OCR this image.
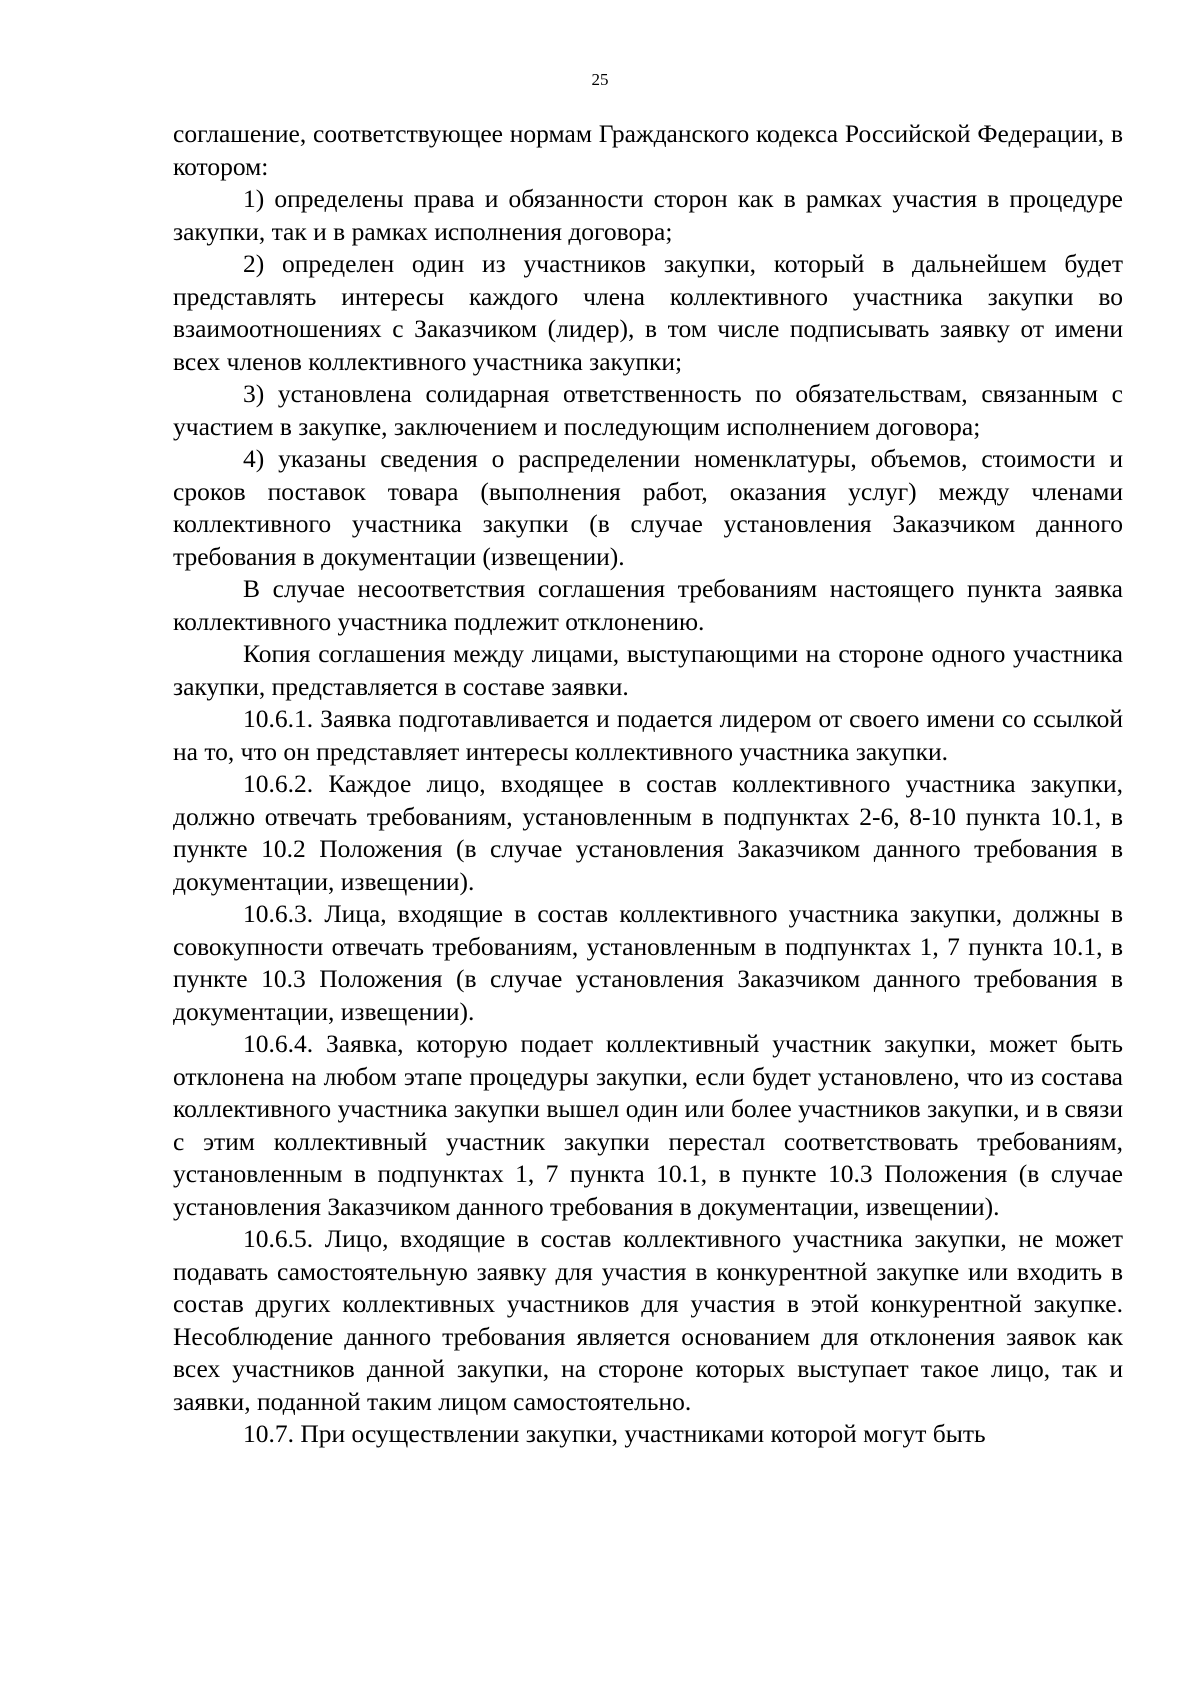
25

соглашение, соответствующее нормам Гражданского кодекса Российской Федерации, в котором:

1) определены права и обязанности сторон как в рамках участия в процедуре закупки, так и в рамках исполнения договора;

2) определен один из участников закупки, который в дальнейшем будет представлять интересы каждого члена коллективного участника закупки во взаимоотношениях с Заказчиком (лидер), в том числе подписывать заявку от имени всех членов коллективного участника закупки;

3) установлена солидарная ответственность по обязательствам, связанным с участием в закупке, заключением и последующим исполнением договора;

4) указаны сведения о распределении номенклатуры, объемов, стоимости и сроков поставок товара (выполнения работ, оказания услуг) между членами коллективного участника закупки (в случае установления Заказчиком данного требования в документации (извещении).

В случае несоответствия соглашения требованиям настоящего пункта заявка коллективного участника подлежит отклонению.

Копия соглашения между лицами, выступающими на стороне одного участника закупки, представляется в составе заявки.

10.6.1. Заявка подготавливается и подается лидером от своего имени со ссылкой на то, что он представляет интересы коллективного участника закупки.

10.6.2. Каждое лицо, входящее в состав коллективного участника закупки, должно отвечать требованиям, установленным в подпунктах 2-6, 8-10 пункта 10.1, в пункте 10.2 Положения (в случае установления Заказчиком данного требования в документации, извещении).

10.6.3. Лица, входящие в состав коллективного участника закупки, должны в совокупности отвечать требованиям, установленным в подпунктах 1, 7 пункта 10.1, в пункте 10.3 Положения (в случае установления Заказчиком данного требования в документации, извещении).

10.6.4. Заявка, которую подает коллективный участник закупки, может быть отклонена на любом этапе процедуры закупки, если будет установлено, что из состава коллективного участника закупки вышел один или более участников закупки, и в связи с этим коллективный участник закупки перестал соответствовать требованиям, установленным в подпунктах 1, 7 пункта 10.1, в пункте 10.3 Положения (в случае установления Заказчиком данного требования в документации, извещении).

10.6.5. Лицо, входящие в состав коллективного участника закупки, не может подавать самостоятельную заявку для участия в конкурентной закупке или входить в состав других коллективных участников для участия в этой конкурентной закупке. Несоблюдение данного требования является основанием для отклонения заявок как всех участников данной закупки, на стороне которых выступает такое лицо, так и заявки, поданной таким лицом самостоятельно.

10.7. При осуществлении закупки, участниками которой могут быть
